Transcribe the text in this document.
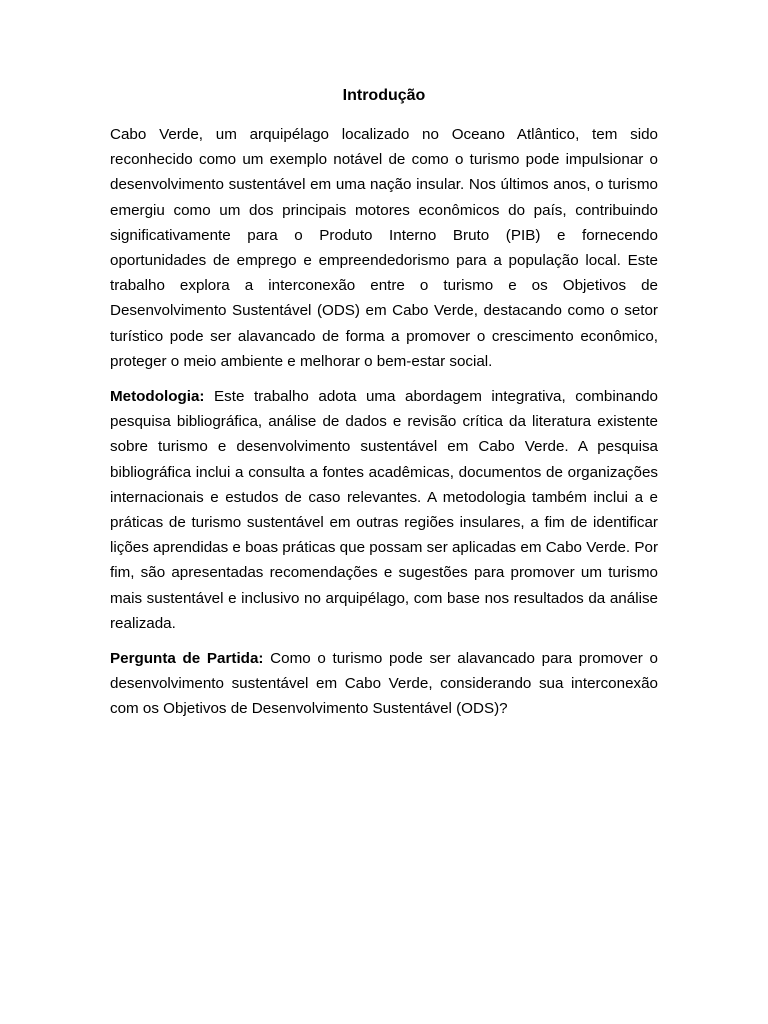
Introdução

Cabo Verde, um arquipélago localizado no Oceano Atlântico, tem sido reconhecido como um exemplo notável de como o turismo pode impulsionar o desenvolvimento sustentável em uma nação insular. Nos últimos anos, o turismo emergiu como um dos principais motores econômicos do país, contribuindo significativamente para o Produto Interno Bruto (PIB) e fornecendo oportunidades de emprego e empreendedorismo para a população local. Este trabalho explora a interconexão entre o turismo e os Objetivos de Desenvolvimento Sustentável (ODS) em Cabo Verde, destacando como o setor turístico pode ser alavancado de forma a promover o crescimento econômico, proteger o meio ambiente e melhorar o bem-estar social.

Metodologia: Este trabalho adota uma abordagem integrativa, combinando pesquisa bibliográfica, análise de dados e revisão crítica da literatura existente sobre turismo e desenvolvimento sustentável em Cabo Verde. A pesquisa bibliográfica inclui a consulta a fontes acadêmicas, documentos de organizações internacionais e estudos de caso relevantes. A metodologia também inclui a e práticas de turismo sustentável em outras regiões insulares, a fim de identificar lições aprendidas e boas práticas que possam ser aplicadas em Cabo Verde. Por fim, são apresentadas recomendações e sugestões para promover um turismo mais sustentável e inclusivo no arquipélago, com base nos resultados da análise realizada.

Pergunta de Partida: Como o turismo pode ser alavancado para promover o desenvolvimento sustentável em Cabo Verde, considerando sua interconexão com os Objetivos de Desenvolvimento Sustentável (ODS)?
